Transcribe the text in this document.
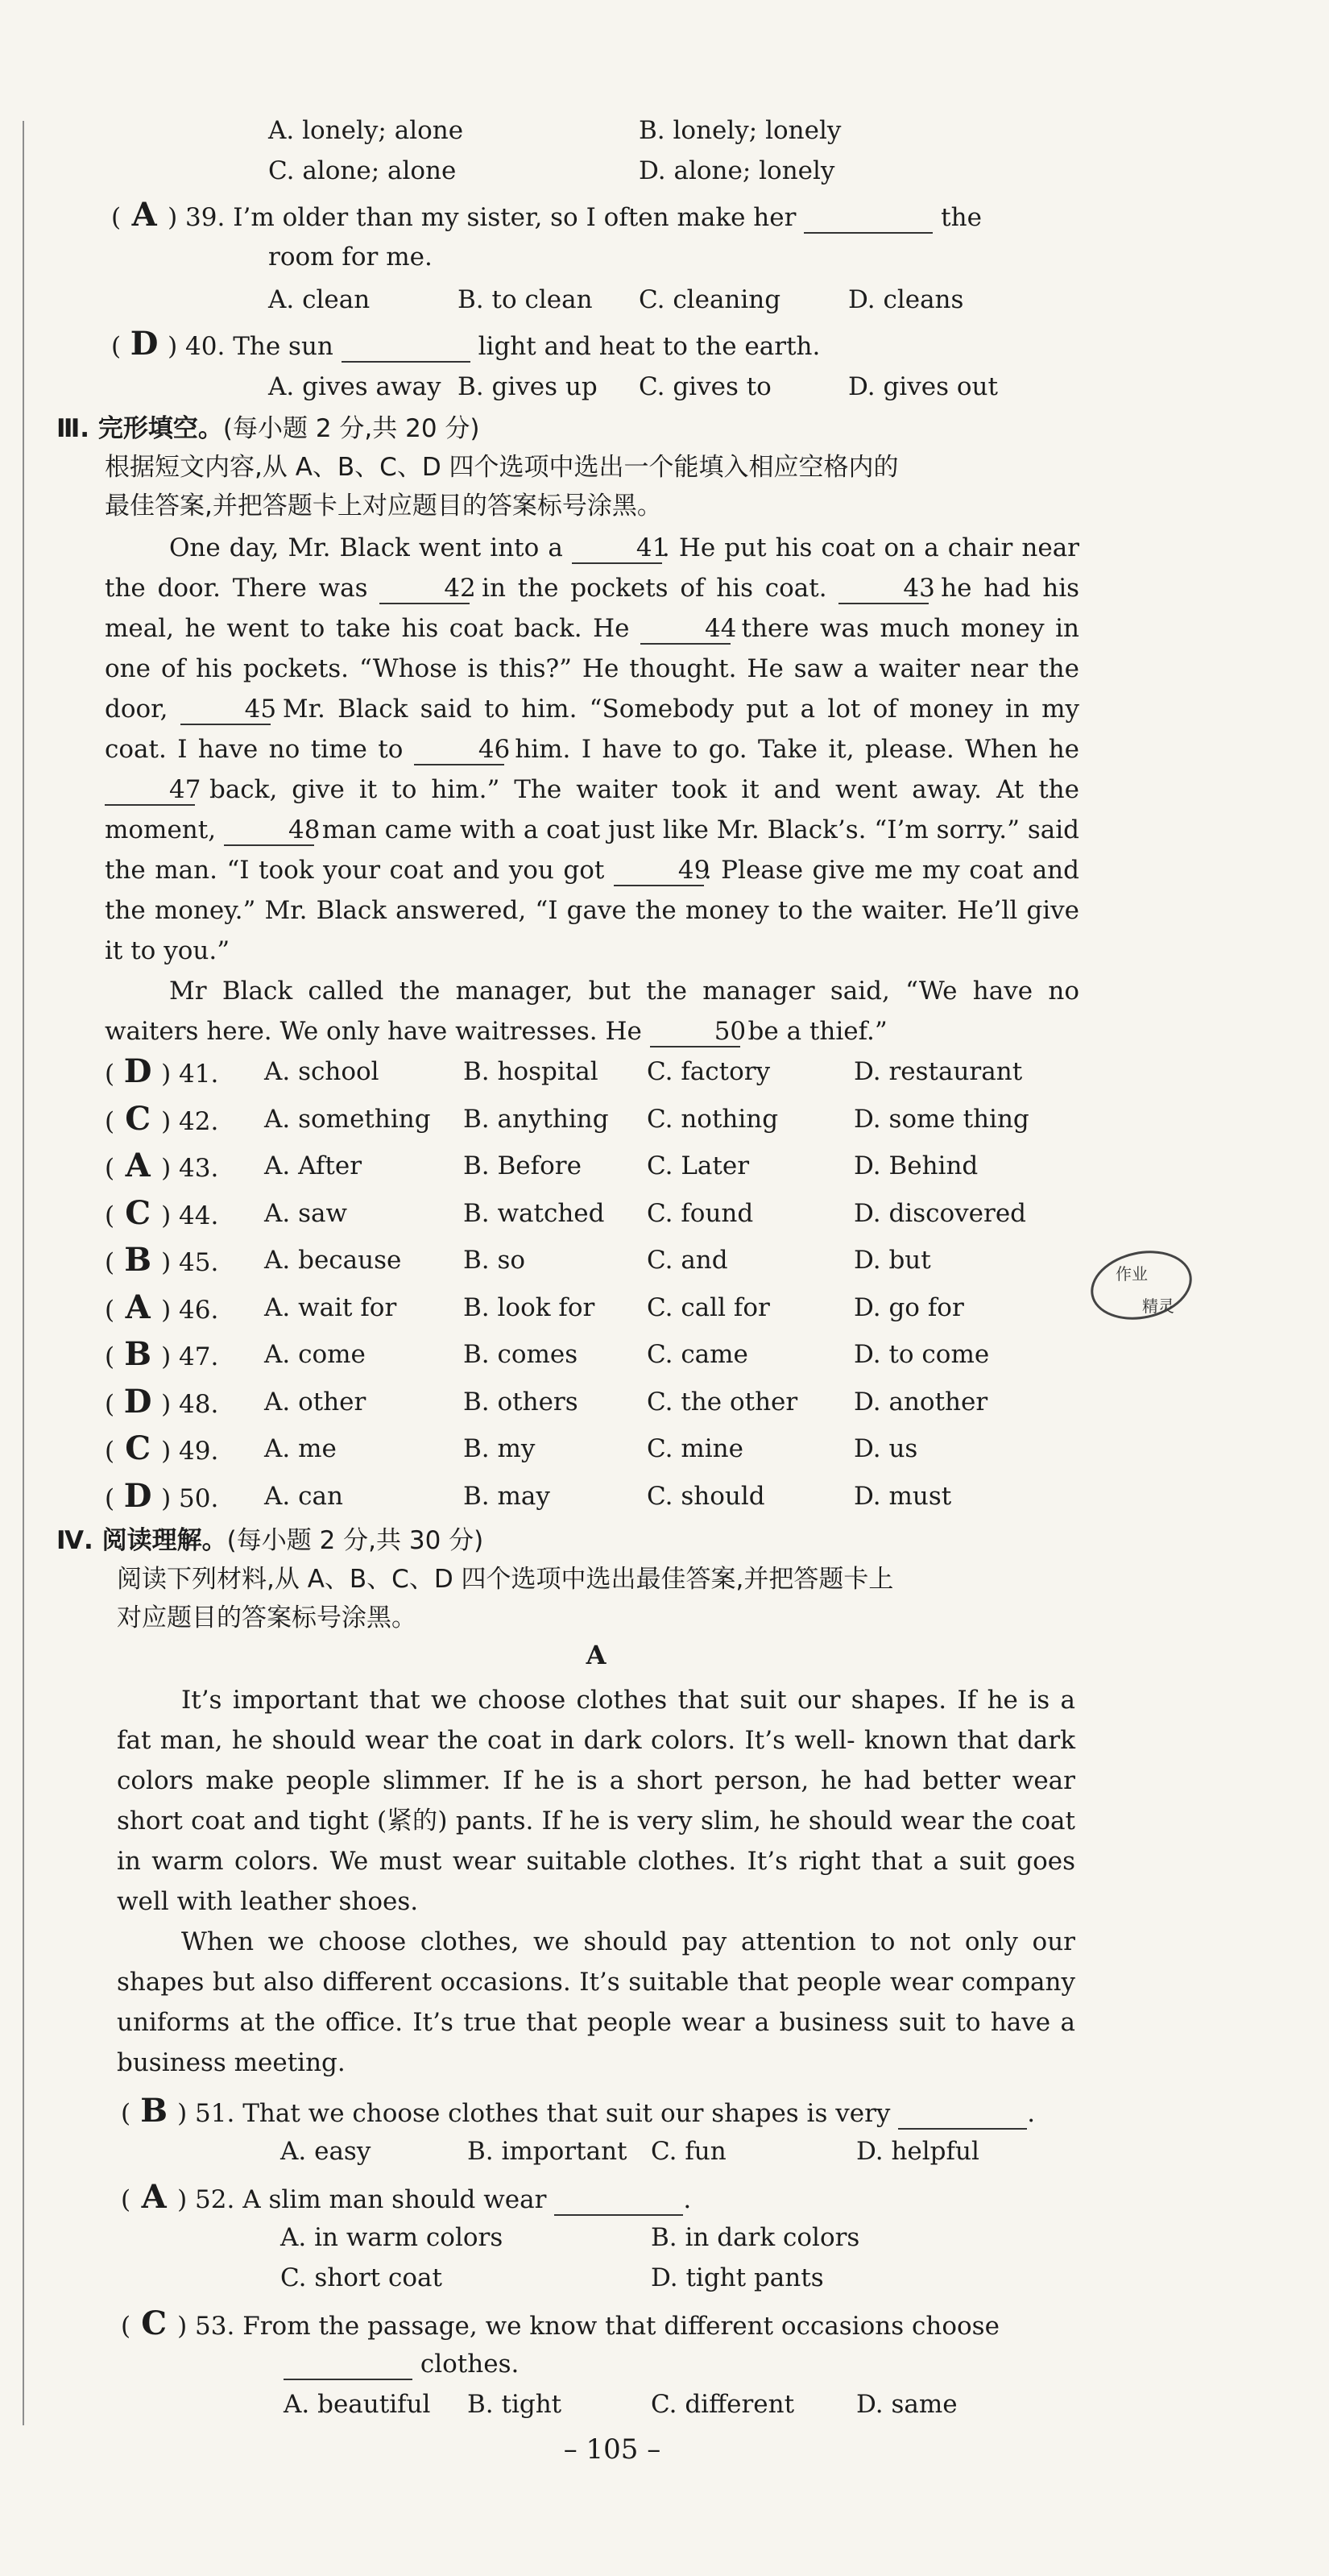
A. lonely; alone	B. lonely; lonely
C. alone; alone	D. alone; lonely
( A ) 39. I’m older than my sister, so I often make her	the
room for me.
A. clean	B. to clean C. cleaning	D. cleans
( D ) 40. The sun	light and heat to the earth.
A. gives away B. gives up C. gives to	D. gives out
Ⅲ. 完形填空。(每小题 2 分,共 20 分)
根据短文内容,从 A、B、C、D 四个选项中选出一个能填入相应空格内的
最佳答案,并把答题卡上对应题目的答案标号涂黑。
One day, Mr. Black went into a	41. He put his coat on a chair near the door. There was	42 in the pockets of his coat.	43 he had his meal, he went to take his coat back. He	44 there was much money in one of his pockets. “Whose is this?” He thought. He saw a waiter near the door,	45 Mr. Black said to him. “Somebody put a lot of money in my coat. I have no time to	46 him. I have to go. Take it, please. When he 47 back, give it to him.” The waiter took it and went away. At the moment,	48 man came with a coat just like Mr. Black’s. “I’m sorry.” said the man. “I took your coat and you got	49. Please give me my coat and the money.” Mr. Black answered, “I gave the money to the waiter. He’ll give it to you.”
Mr Black called the manager, but the manager said, “We have no waiters here. We only have waitresses. He	50 be a thief.”
( D ) 41. A. school	B. hospital C. factory	D. restaurant
( C ) 42. A. something B. anything C. nothing	D. some thing
( A ) 43. A. After	B. Before	C. Later	D. Behind
( C ) 44. A. saw	B. watched C. found	D. discovered
( B ) 45. A. because B. so	C. and	D. but
( A ) 46. A. wait for	B. look for C. call for	D. go for
( B ) 47. A. come	B. comes	C. came	D. to come
( D ) 48. A. other	B. others	C. the other D. another
( C ) 49. A. me	B. my	C. mine	D. us
( D ) 50. A. can	B. may	C. should	D. must
Ⅳ. 阅读理解。(每小题 2 分,共 30 分)
阅读下列材料,从 A、B、C、D 四个选项中选出最佳答案,并把答题卡上
对应题目的答案标号涂黑。
A
It’s important that we choose clothes that suit our shapes. If he is a fat man, he should wear the coat in dark colors. It’s well- known that dark colors make people slimmer. If he is a short person, he had better wear short coat and tight (紧的) pants. If he is very slim, he should wear the coat in warm colors. We must wear suitable clothes. It’s right that a suit goes well with leather shoes.
When we choose clothes, we should pay attention to not only our shapes but also different occasions. It’s suitable that people wear company uniforms at the office. It’s true that people wear a business suit to have a business meeting.
( B ) 51. That we choose clothes that suit our shapes is very	.
A. easy	B. important C. fun	D. helpful
( A ) 52. A slim man should wear	.
A. in warm colors	B. in dark colors
C. short coat	D. tight pants
( C ) 53. From the passage, we know that different occasions choose
clothes.
A. beautiful B. tight	C. different D. same
作业
精灵
– 105 –
